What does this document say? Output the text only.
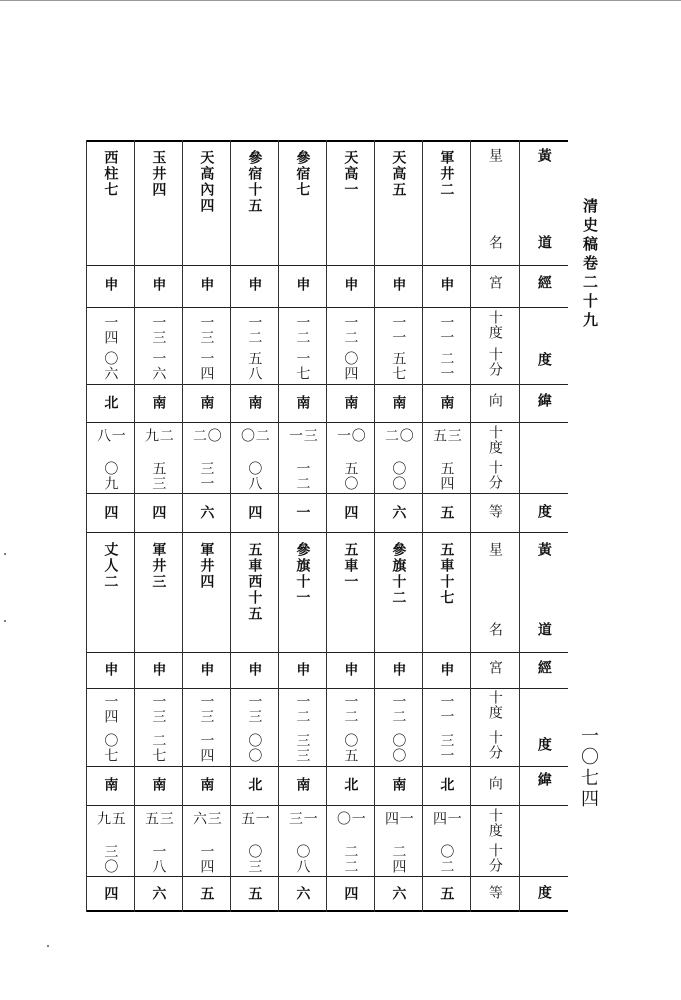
清史稿卷二十九
一〇七四
軍井二
申
一一
二一
南
三五
五四
五
天高五
申
一一
五七
南
〇二
〇〇
六
天高一
申
一二
〇四
南
〇一
五〇
四
參宿七
申
一二
一七
南
三一
一二
一
參宿十五
申
一二
五八
南
二〇
〇八
四
天高內四
申
一三
一四
南
〇二
三一
六
玉井四
申
一三
一六
南
二九
五三
四
西柱七
申
一四
〇六
北
一八
〇九
四
五車十七
申
一一
三一
北
一四
〇二
五
參旗十二
申
一二
〇〇
南
一四
二四
六
五車一
申
一二
〇五
北
一〇
二二
四
參旗十一
申
一二
三三
南
一三
〇八
六
五車西十五
申
一三
〇〇
北
一五
〇三
五
軍井四
申
一三
一四
南
三六
一四
五
軍井三
申
一三
二七
南
三五
一八
六
丈人二
申
一四
〇七
南
五九
三〇
四
星
名
宮
十度
十分
向
十度
十分
等
星
名
宮
十度
十分
向
十度
十分
等
黃
道
經
度
緯
度
黃
道
經
度
緯
度
